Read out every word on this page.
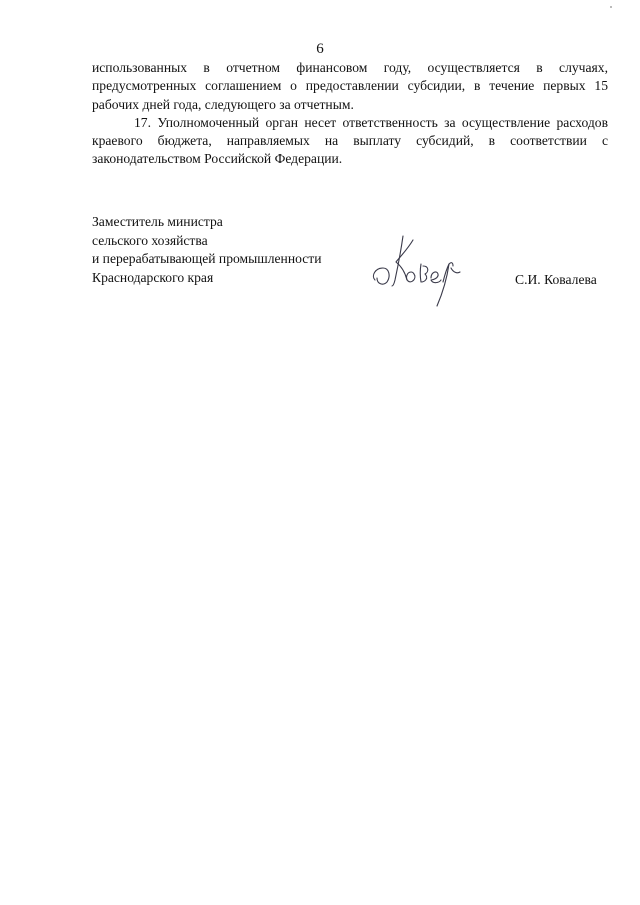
6

использованных в отчетном финансовом году, осуществляется в случаях, предусмотренных соглашением о предоставлении субсидии, в течение первых 15 рабочих дней года, следующего за отчетным.

17. Уполномоченный орган несет ответственность за осуществление расходов краевого бюджета, направляемых на выплату субсидий, в соответствии с законодательством Российской Федерации.

Заместитель министра
сельского хозяйства
и перерабатывающей промышленности
Краснодарского края	С.И. Ковалева
